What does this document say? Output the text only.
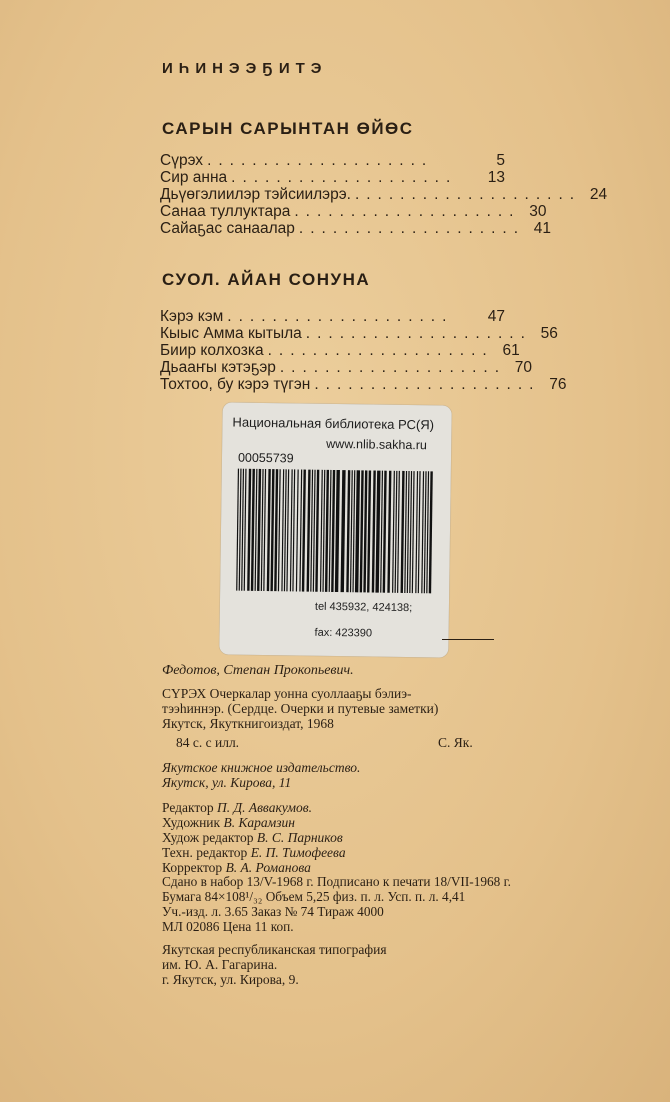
ИҺИНЭЭҔИТЭ
САРЫН САРЫНТАН ӨЙӨС
Сүрэх ....................	5
Сир анна ....................	13
Дьүөгэлиилэр тэйсиилэрэ. .................... 24
Санаа туллуктара .................... 30
Сайаҕас санаалар .................... 41
СУОЛ. АЙАН СОНУНА
Кэрэ кэм ....................	47
Кыыс Амма кытыла .................... 56
Биир колхозка .................... 61
Дьааҥы кэтэҕэр .................... 70
Тохтоо, бу кэрэ түгэн .................... 76
Национальная библиотека РС(Я)
www.nlib.sakha.ru
00055739
tel 435932, 424138;
fax: 423390
Федотов, Степан Прокопьевич.
СҮРЭХ Очеркалар уонна суоллааҕы бэлиэ-
тээһиннэр. (Сердце. Очерки и путевые заметки)
Якутск, Якуткнигоиздат, 1968
84 с. с илл.	С. Як.
Якутское книжное издательство.
Якутск, ул. Кирова, 11
Редактор П. Д. Аввакумов.
Художник В. Карамзин
Худож редактор В. С. Парников
Техн. редактор Е. П. Тимофеева
Корректор В. А. Романова
Сдано в набор 13/V-1968 г. Подписано к печати 18/VII-1968 г.
Бумага 84×108¹/₃₂ Объем 5,25 физ. п. л. Усп. п. л. 4,41
Уч.-изд. л. 3.65 Заказ № 74 Тираж 4000
МЛ 02086 Цена 11 коп.
Якутская республиканская типография
им. Ю. А. Гагарина.
г. Якутск, ул. Кирова, 9.
